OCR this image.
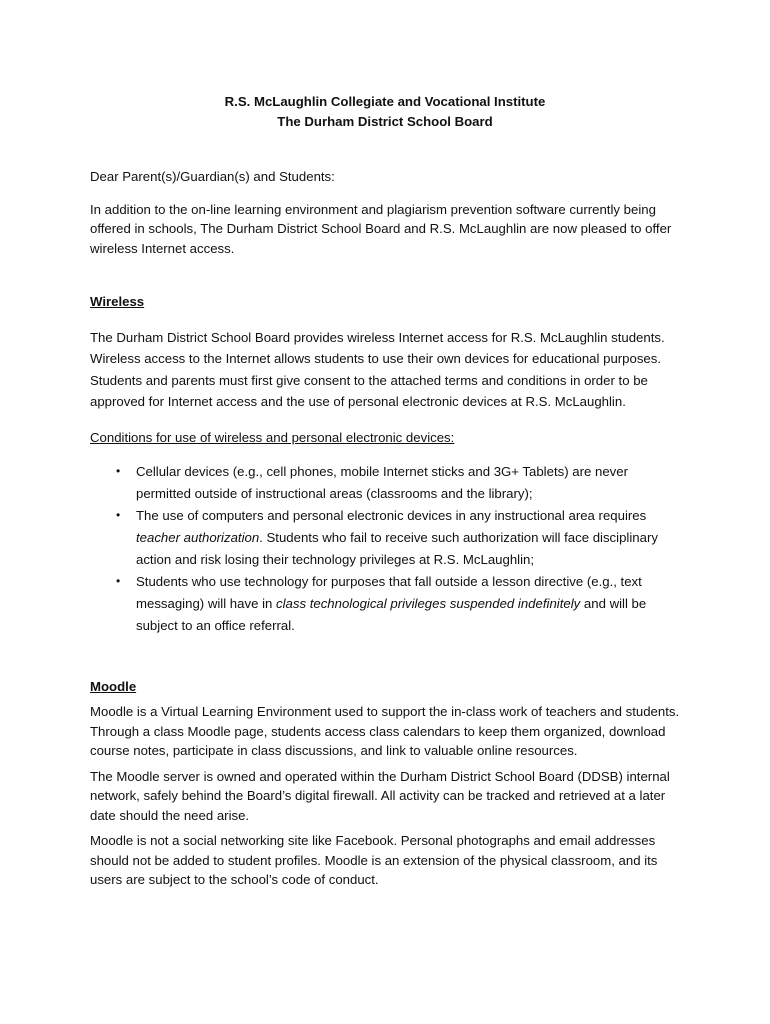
R.S. McLaughlin Collegiate and Vocational Institute
The Durham District School Board

Dear Parent(s)/Guardian(s) and Students:

In addition to the on-line learning environment and plagiarism prevention software currently being offered in schools, The Durham District School Board and R.S. McLaughlin are now pleased to offer wireless Internet access.

Wireless

The Durham District School Board provides wireless Internet access for R.S. McLaughlin students. Wireless access to the Internet allows students to use their own devices for educational purposes. Students and parents must first give consent to the attached terms and conditions in order to be approved for Internet access and the use of personal electronic devices at R.S. McLaughlin.

Conditions for use of wireless and personal electronic devices:
• Cellular devices (e.g., cell phones, mobile Internet sticks and 3G+ Tablets) are never permitted outside of instructional areas (classrooms and the library);
• The use of computers and personal electronic devices in any instructional area requires teacher authorization. Students who fail to receive such authorization will face disciplinary action and risk losing their technology privileges at R.S. McLaughlin;
• Students who use technology for purposes that fall outside a lesson directive (e.g., text messaging) will have in class technological privileges suspended indefinitely and will be subject to an office referral.
Moodle

Moodle is a Virtual Learning Environment used to support the in-class work of teachers and students. Through a class Moodle page, students access class calendars to keep them organized, download course notes, participate in class discussions, and link to valuable online resources.

The Moodle server is owned and operated within the Durham District School Board (DDSB) internal network, safely behind the Board’s digital firewall. All activity can be tracked and retrieved at a later date should the need arise.

Moodle is not a social networking site like Facebook. Personal photographs and email addresses should not be added to student profiles. Moodle is an extension of the physical classroom, and its users are subject to the school’s code of conduct.
